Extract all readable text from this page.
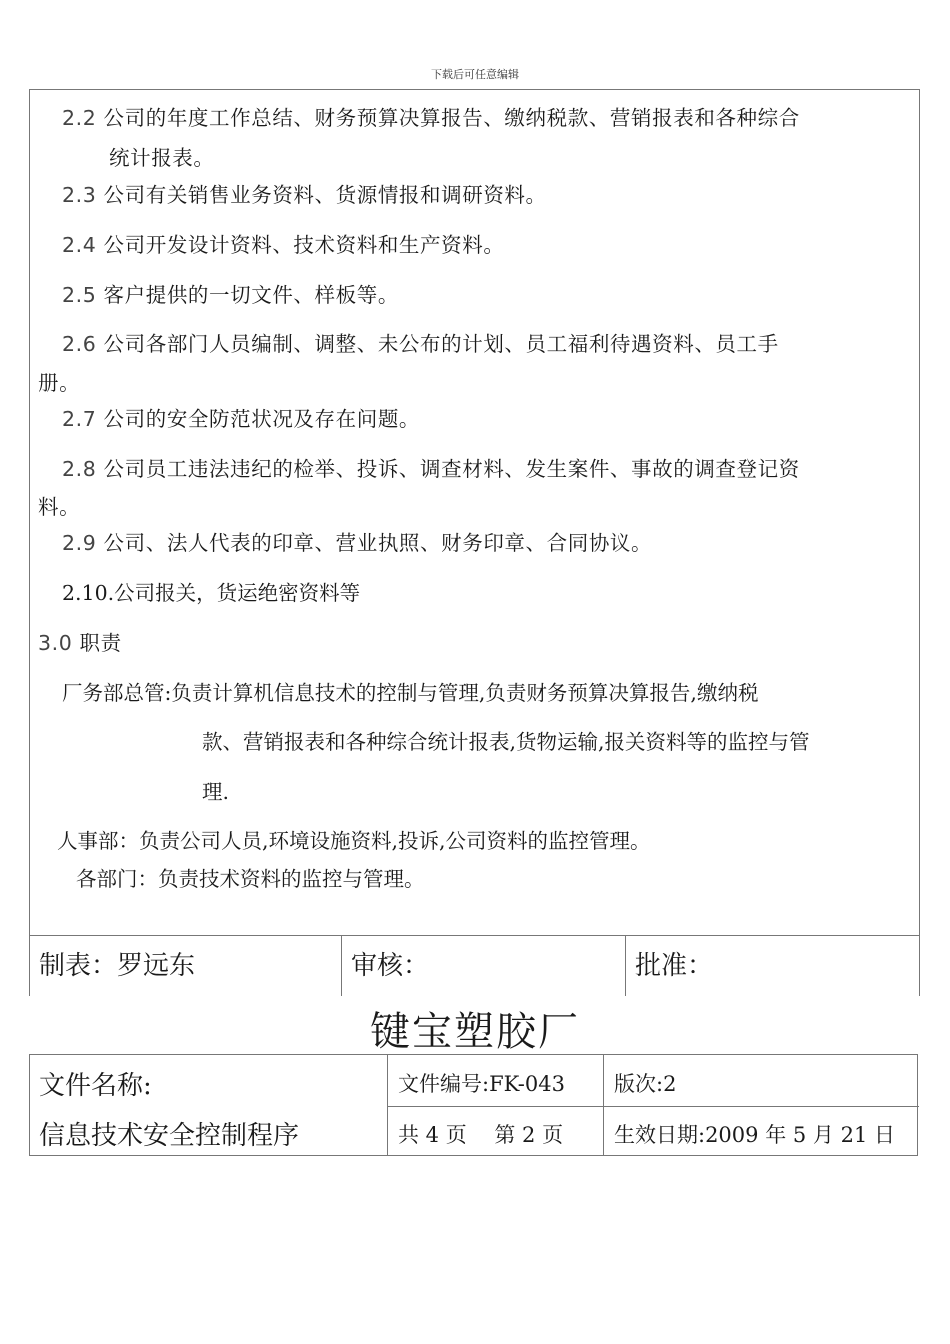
下载后可任意编辑
2.2 公司的年度工作总结、财务预算决算报告、缴纳税款、营销报表和各种综合
统计报表。
2.3 公司有关销售业务资料、货源情报和调研资料。
2.4 公司开发设计资料、技术资料和生产资料。
2.5 客户提供的一切文件、样板等。
2.6 公司各部门人员编制、调整、未公布的计划、员工福利待遇资料、员工手
册。
2.7 公司的安全防范状况及存在问题。
2.8 公司员工违法违纪的检举、投诉、调查材料、发生案件、事故的调查登记资
料。
2.9 公司、法人代表的印章、营业执照、财务印章、合同协议。
2.10.公司报关，货运绝密资料等
3.0 职责
厂务部总管:负责计算机信息技术的控制与管理,负责财务预算决算报告,缴纳税
款、营销报表和各种综合统计报表,货物运输,报关资料等的监控与管
理.
人事部：负责公司人员,环境设施资料,投诉,公司资料的监控管理。
各部门：负责技术资料的监控与管理。
制表：罗远东	审核：	批准：
键宝塑胶厂
文件名称:
信息技术安全控制程序
文件编号:FK-043
共 4 页　 第 2 页
版次:2
生效日期:2009 年 5 月 21 日
